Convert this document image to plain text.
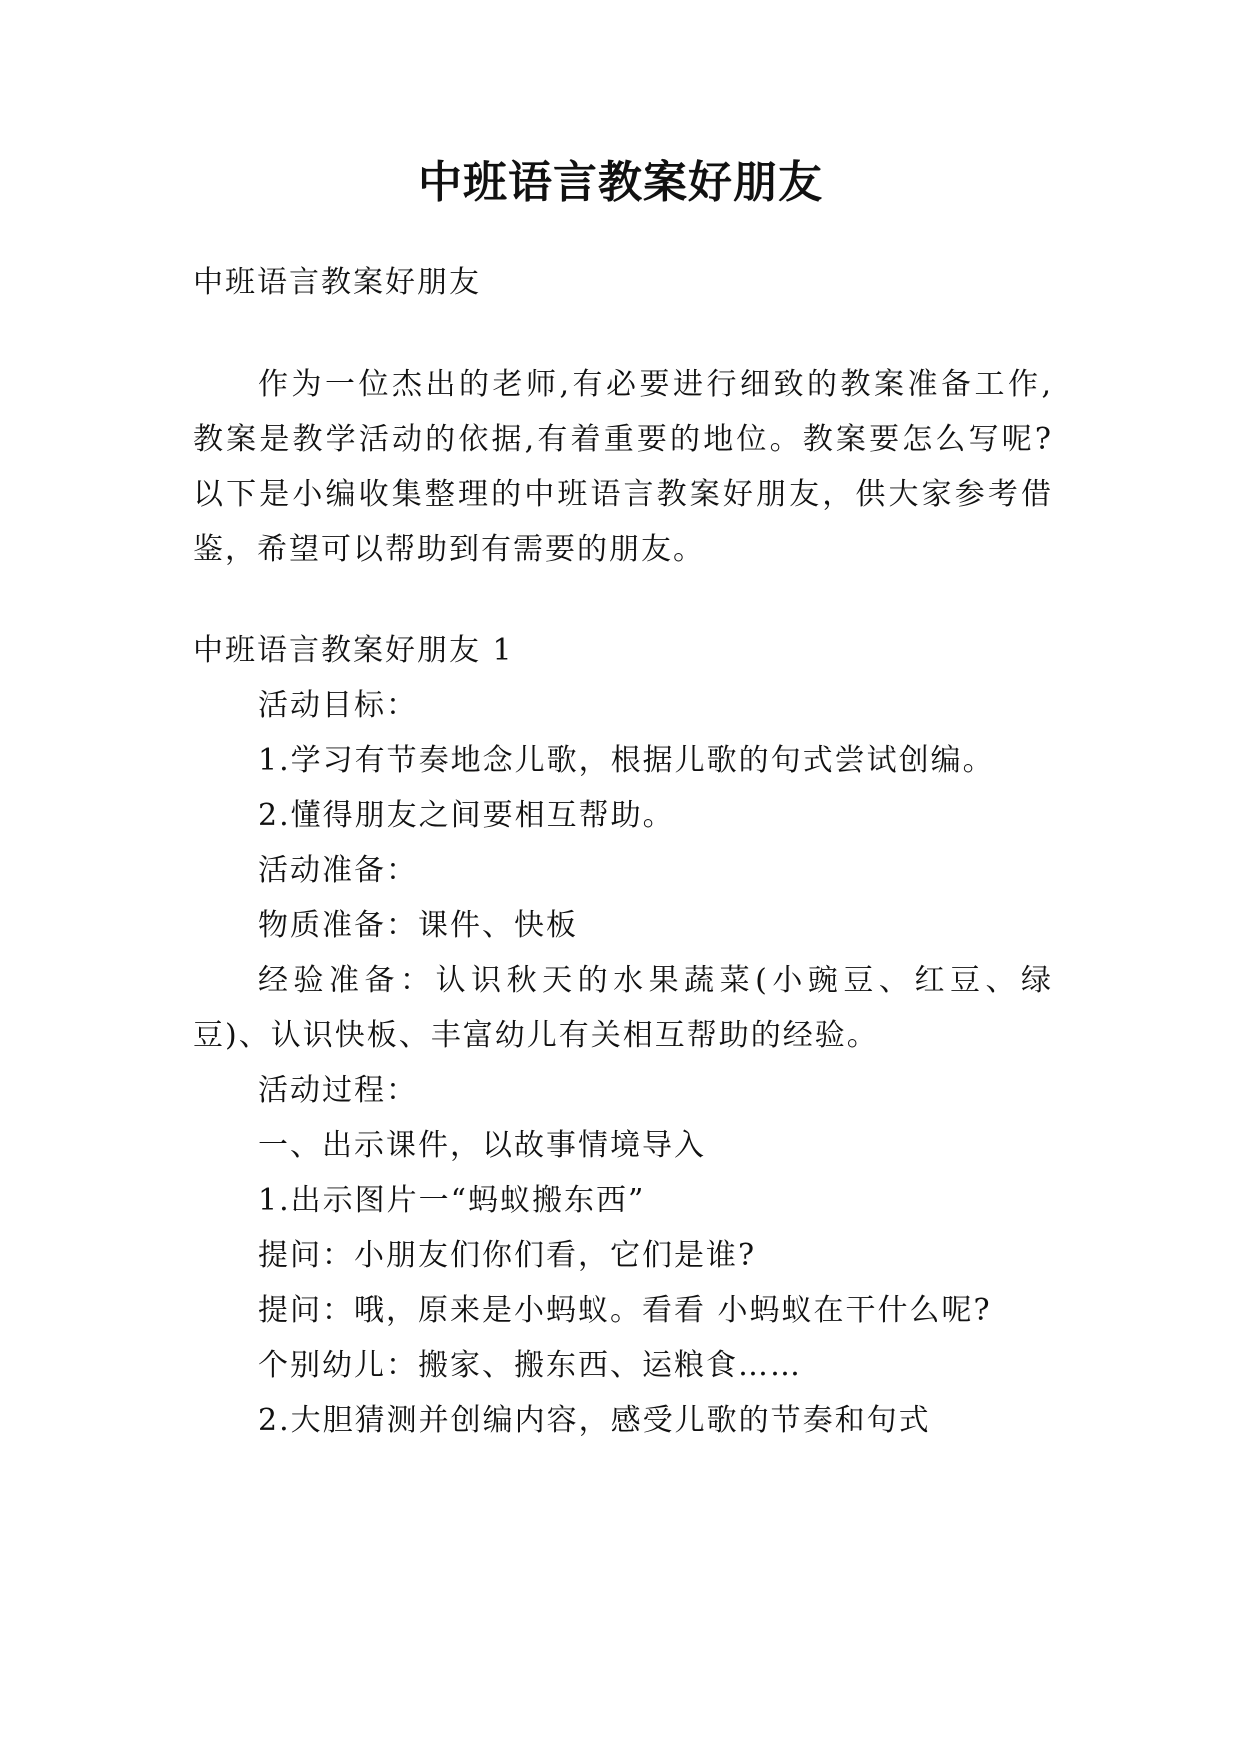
中班语言教案好朋友
中班语言教案好朋友
作为一位杰出的老师,有必要进行细致的教案准备工作,
教案是教学活动的依据,有着重要的地位。教案要怎么写呢?
以下是小编收集整理的中班语言教案好朋友，供大家参考借
鉴，希望可以帮助到有需要的朋友。
中班语言教案好朋友 1
活动目标：
1.学习有节奏地念儿歌，根据儿歌的句式尝试创编。
2.懂得朋友之间要相互帮助。
活动准备：
物质准备：课件、快板
经验准备：认识秋天的水果蔬菜(小豌豆、红豆、绿
豆)、认识快板、丰富幼儿有关相互帮助的经验。
活动过程：
一、出示课件，以故事情境导入
1.出示图片一“蚂蚁搬东西”
提问：小朋友们你们看，它们是谁?
提问：哦，原来是小蚂蚁。看看 小蚂蚁在干什么呢?
个别幼儿：搬家、搬东西、运粮食……
2.大胆猜测并创编内容，感受儿歌的节奏和句式
